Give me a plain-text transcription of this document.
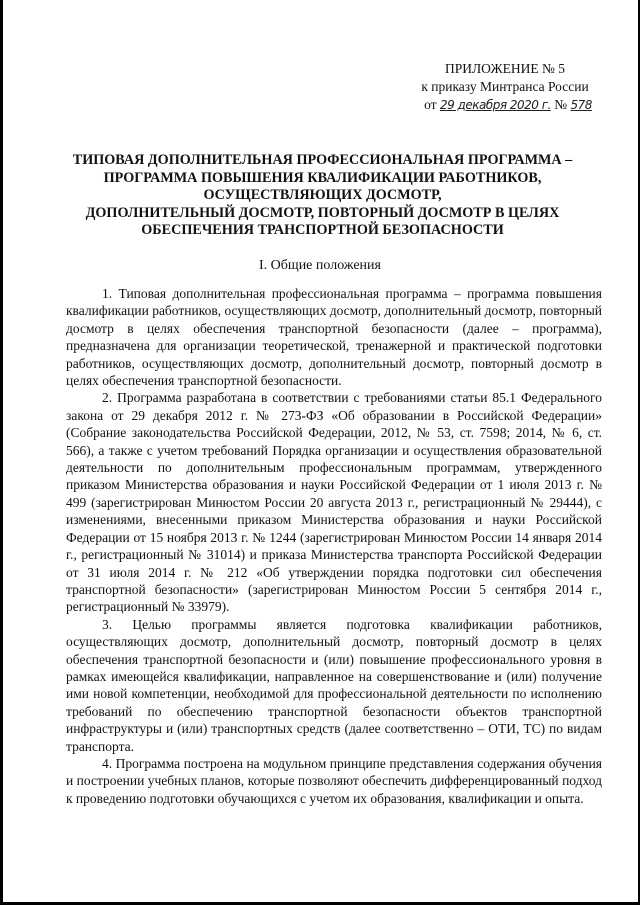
ПРИЛОЖЕНИЕ № 5
к приказу Минтранса России
от 29 декабря 2020 г. № 578
ТИПОВАЯ ДОПОЛНИТЕЛЬНАЯ ПРОФЕССИОНАЛЬНАЯ ПРОГРАММА –
ПРОГРАММА ПОВЫШЕНИЯ КВАЛИФИКАЦИИ РАБОТНИКОВ,
ОСУЩЕСТВЛЯЮЩИХ ДОСМОТР,
ДОПОЛНИТЕЛЬНЫЙ ДОСМОТР, ПОВТОРНЫЙ ДОСМОТР В ЦЕЛЯХ
ОБЕСПЕЧЕНИЯ ТРАНСПОРТНОЙ БЕЗОПАСНОСТИ
I. Общие положения

1. Типовая дополнительная профессиональная программа – программа повышения квалификации работников, осуществляющих досмотр, дополнительный досмотр, повторный досмотр в целях обеспечения транспортной безопасности (далее – программа), предназначена для организации теоретической, тренажерной и практической подготовки работников, осуществляющих досмотр, дополнительный досмотр, повторный досмотр в целях обеспечения транспортной безопасности.

2. Программа разработана в соответствии с требованиями статьи 85.1 Федерального закона от 29 декабря 2012 г. № 273-ФЗ «Об образовании в Российской Федерации» (Собрание законодательства Российской Федерации, 2012, № 53, ст. 7598; 2014, № 6, ст. 566), а также с учетом требований Порядка организации и осуществления образовательной деятельности по дополнительным профессиональным программам, утвержденного приказом Министерства образования и науки Российской Федерации от 1 июля 2013 г. № 499 (зарегистрирован Минюстом России 20 августа 2013 г., регистрационный № 29444), с изменениями, внесенными приказом Министерства образования и науки Российской Федерации от 15 ноября 2013 г. № 1244 (зарегистрирован Минюстом России 14 января 2014 г., регистрационный № 31014) и приказа Министерства транспорта Российской Федерации от 31 июля 2014 г. № 212 «Об утверждении порядка подготовки сил обеспечения транспортной безопасности» (зарегистрирован Минюстом России 5 сентября 2014 г., регистрационный № 33979).

3. Целью программы является подготовка квалификации работников, осуществляющих досмотр, дополнительный досмотр, повторный досмотр в целях обеспечения транспортной безопасности и (или) повышение профессионального уровня в рамках имеющейся квалификации, направленное на совершенствование и (или) получение ими новой компетенции, необходимой для профессиональной деятельности по исполнению требований по обеспечению транспортной безопасности объектов транспортной инфраструктуры и (или) транспортных средств (далее соответственно – ОТИ, ТС) по видам транспорта.

4. Программа построена на модульном принципе представления содержания обучения и построении учебных планов, которые позволяют обеспечить дифференцированный подход к проведению подготовки обучающихся с учетом их образования, квалификации и опыта.
